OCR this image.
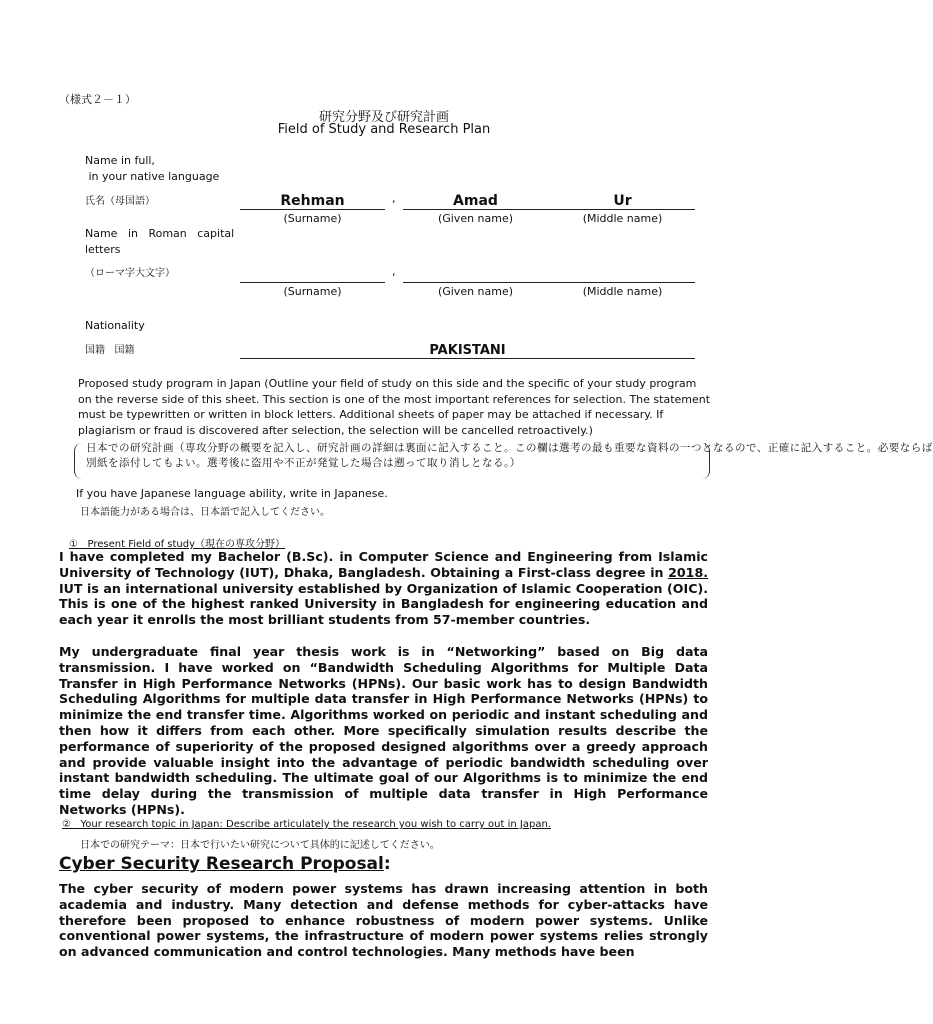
（様式２－１）
研究分野及び研究計画
Field of Study and Research Plan
Name in full,
in your native language
氏名（母国語）	Rehman	,	Amad	Ur
(Surname)	(Given name)	(Middle name)
Name   in   Roman   capital
letters
（ローマ字大文字）	,
(Surname)	(Given name)	(Middle name)
Nationality
国籍   国籍	PAKISTANI
Proposed study program in Japan (Outline your field of study on this side and the specific of your study program
on the reverse side of this sheet. This section is one of the most important references for selection. The statement
must be typewritten or written in block letters. Additional sheets of paper may be attached if necessary. If
plagiarism or fraud is discovered after selection, the selection will be cancelled retroactively.)
日本での研究計画（専攻分野の概要を記入し、研究計画の詳細は裏面に記入すること。この欄は選考の最も重要な資料の一つとなるので、正確に記入すること。必要ならば
別紙を添付してもよい。選考後に盗用や不正が発覚した場合は遡って取り消しとなる。）
If you have Japanese language ability, write in Japanese.
日本語能力がある場合は、日本語で記入してください。
①   Present Field of study（現在の専攻分野）
I have completed my Bachelor (B.Sc). in Computer Science and Engineering from Islamic University of Technology (IUT), Dhaka, Bangladesh. Obtaining a First-class degree in 2018. IUT is an international university established by Organization of Islamic Cooperation (OIC). This is one of the highest ranked University in Bangladesh for engineering education and each year it enrolls the most brilliant students from 57-member countries.
My undergraduate final year thesis work is in “Networking” based on Big data transmission. I have worked on “Bandwidth Scheduling Algorithms for Multiple Data Transfer in High Performance Networks (HPNs). Our basic work has to design Bandwidth Scheduling Algorithms for multiple data transfer in High Performance Networks (HPNs) to minimize the end transfer time. Algorithms worked on periodic and instant scheduling and then how it differs from each other. More specifically simulation results describe the performance of superiority of the proposed designed algorithms over a greedy approach and provide valuable insight into the advantage of periodic bandwidth scheduling over instant bandwidth scheduling. The ultimate goal of our Algorithms is to minimize the end time delay during the transmission of multiple data transfer in High Performance Networks (HPNs).
②   Your research topic in Japan: Describe articulately the research you wish to carry out in Japan.
日本での研究テーマ：日本で行いたい研究について具体的に記述してください。
Cyber Security Research Proposal:
The cyber security of modern power systems has drawn increasing attention in both academia and industry. Many detection and defense methods for cyber-attacks have therefore been proposed to enhance robustness of modern power systems. Unlike conventional power systems, the infrastructure of modern power systems relies strongly on advanced communication and control technologies. Many methods have been
